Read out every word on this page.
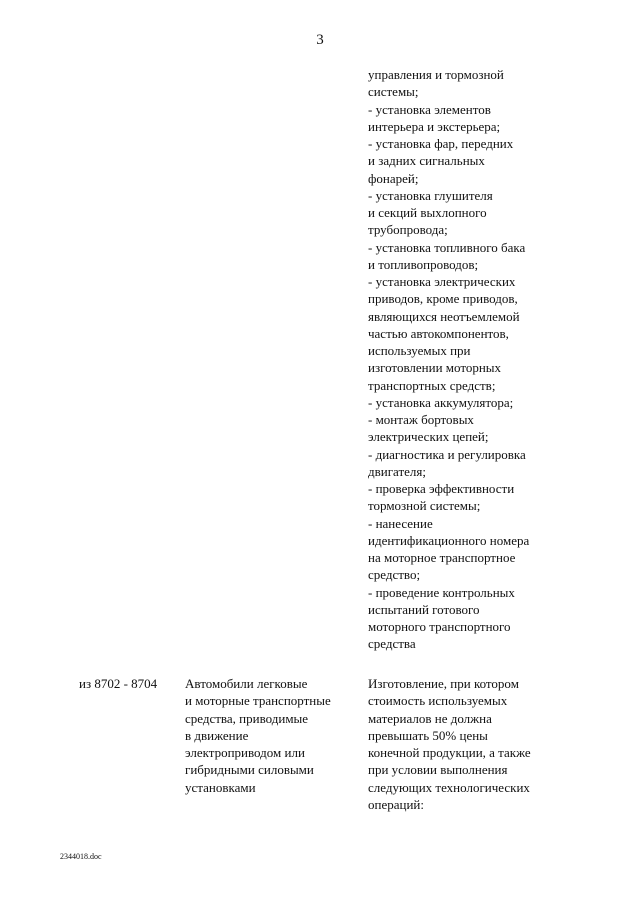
3
управления и тормозной
системы;
- установка элементов
интерьера и экстерьера;
- установка фар, передних
и задних сигнальных
фонарей;
- установка глушителя
и секций выхлопного
трубопровода;
- установка топливного бака
и топливопроводов;
- установка электрических
приводов, кроме приводов,
являющихся неотъемлемой
частью автокомпонентов,
используемых при
изготовлении моторных
транспортных средств;
- установка аккумулятора;
- монтаж бортовых
электрических цепей;
- диагностика и регулировка
двигателя;
- проверка эффективности
тормозной системы;
- нанесение
идентификационного номера
на моторное транспортное
средство;
- проведение контрольных
испытаний готового
моторного транспортного
средства
из 8702 - 8704	Автомобили легковые
и моторные транспортные
средства, приводимые
в движение
электроприводом или
гибридными силовыми
установками
Изготовление, при котором
стоимость используемых
материалов не должна
превышать 50% цены
конечной продукции, а также
при условии выполнения
следующих технологических
операций:
2344018.doc
